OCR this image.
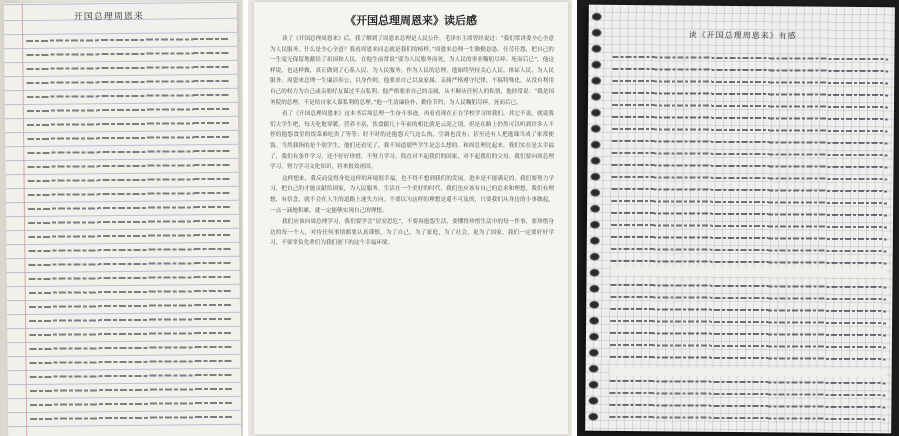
开国总理周恩来	《开国总理周恩来》读后感

读了《开国总理周恩来》后，我了解到了周恩来总理是人民公仆。毛泽东主席曾经说过：“我们常讲要全心全意为人民服务，什么是全心全意？我看周恩来同志就是我们的榜样。”周恩来总理一生勤勤恳恳、任劳任怨，把自己的一生毫无保留地献给了祖国和人民。在他生前常说“要为人民服务而死，为人民的事业鞠躬尽瘁、死而后已”，他这样说，也这样做，真正做到了心系人民、为人民服务。作为人民的总理，他始终坚持关心人民、体谅人民、为人民服务。周恩来总理一生廉洁奉公，以身作则，他要求自己以及家属、亲属严格遵守纪律，不搞特殊化，从没有利用自己的权力为自己或亲朋好友谋过半点私利。他严格要求自己的亲属，从不顺从任何人的私情，他经常说：“我是国务院的总理，不是给自家人谋私利的总理。”他一生清廉俭朴，勤俭节约，为人民鞠躬尽瘁，死而后已。

看了《开国总理周恩来》这本书后周总理一生奋斗事迹，再看看现在正在学校学习的我们，其它不说，就说我们大学生吧，每天吃饱穿暖，营养丰富，饮食跟几十年前的相比就是云泥之别，但是在路上仍然可以听到许多人不停的抱怨食堂的饭菜难吃贵了等等；时不时的还抱怨天气这么热，空调也没有；甚至还有人把逃课当成了家常便饭。当然我指的是个别学生，他们还看见了，我不知道那些学生是怎么想的。和周总理比起来，我们实在是太幸福了，我们有条件学习，还不好好珍惜，不努力学习，简直对不起我们的国家、对不起我们的父母。我们要向周总理学习，努力学习文化知识，将来报效祖国。

这样想来，我反而觉得身处这样的环境很幸福，也不得不想到我们的发展。进步是不能满足的，我们要努力学习，把自己的才能贡献给国家，为人民服务。生活在一个美好的时代，我们也应该有自己的追求和理想。我们有理想，有信念，就不会在人生的道路上迷失方向。不要以为这样的理想是遥不可及的，只要我们从身边的小事做起，一点一滴地积累，就一定能够实现自己的理想。

我们应该向周总理学习，我们要学会“居安思危”，不要再抱怨生活，要懂得珍惜生活中的每一件事，要珍惜身边的每一个人，对待任何事情都要认真谨慎，为了自己，为了家庭，为了社会，更为了国家，我们一定要好好学习，不要辜负先辈们为我们创下的这个幸福环境。

读《开国总理周恩来》有感
